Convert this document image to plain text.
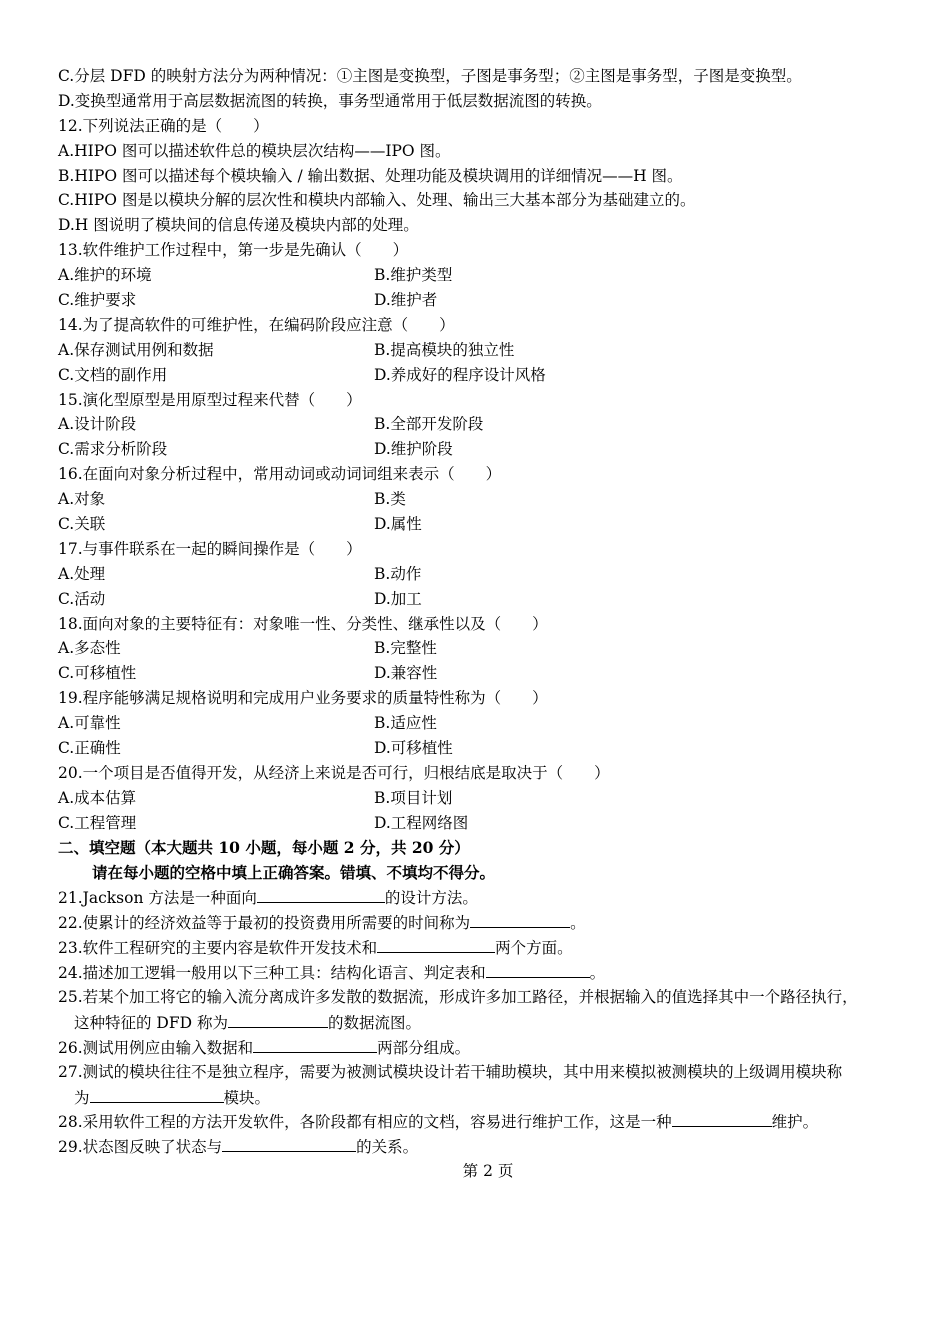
C.分层 DFD 的映射方法分为两种情况：①主图是变换型，子图是事务型；②主图是事务型，子图是变换型。
D.变换型通常用于高层数据流图的转换，事务型通常用于低层数据流图的转换。
12.下列说法正确的是（　　）
A.HIPO 图可以描述软件总的模块层次结构——IPO 图。
B.HIPO 图可以描述每个模块输入 / 输出数据、处理功能及模块调用的详细情况——H 图。
C.HIPO 图是以模块分解的层次性和模块内部输入、处理、输出三大基本部分为基础建立的。
D.H 图说明了模块间的信息传递及模块内部的处理。
13.软件维护工作过程中，第一步是先确认（　　）
A.维护的环境	B.维护类型
C.维护要求	D.维护者
14.为了提高软件的可维护性，在编码阶段应注意（　　）
A.保存测试用例和数据	B.提高模块的独立性
C.文档的副作用	D.养成好的程序设计风格
15.演化型原型是用原型过程来代替（　　）
A.设计阶段	B.全部开发阶段
C.需求分析阶段	D.维护阶段
16.在面向对象分析过程中，常用动词或动词词组来表示（　　）
A.对象	B.类
C.关联	D.属性
17.与事件联系在一起的瞬间操作是（　　）
A.处理	B.动作
C.活动	D.加工
18.面向对象的主要特征有：对象唯一性、分类性、继承性以及（　　）
A.多态性	B.完整性
C.可移植性	D.兼容性
19.程序能够满足规格说明和完成用户业务要求的质量特性称为（　　）
A.可靠性	B.适应性
C.正确性	D.可移植性
20.一个项目是否值得开发，从经济上来说是否可行，归根结底是取决于（　　）
A.成本估算	B.项目计划
C.工程管理	D.工程网络图
二、填空题（本大题共 10 小题，每小题 2 分，共 20 分）
请在每小题的空格中填上正确答案。错填、不填均不得分。
21.Jackson 方法是一种面向	的设计方法。
22.使累计的经济效益等于最初的投资费用所需要的时间称为	。
23.软件工程研究的主要内容是软件开发技术和	两个方面。
24.描述加工逻辑一般用以下三种工具：结构化语言、判定表和	。
25.若某个加工将它的输入流分离成许多发散的数据流，形成许多加工路径，并根据输入的值选择其中一个路径执行，
这种特征的 DFD 称为	的数据流图。
26.测试用例应由输入数据和	两部分组成。
27.测试的模块往往不是独立程序，需要为被测试模块设计若干辅助模块，其中用来模拟被测模块的上级调用模块称
为	模块。
28.采用软件工程的方法开发软件，各阶段都有相应的文档，容易进行维护工作，这是一种	维护。
29.状态图反映了状态与	的关系。
第 2 页
